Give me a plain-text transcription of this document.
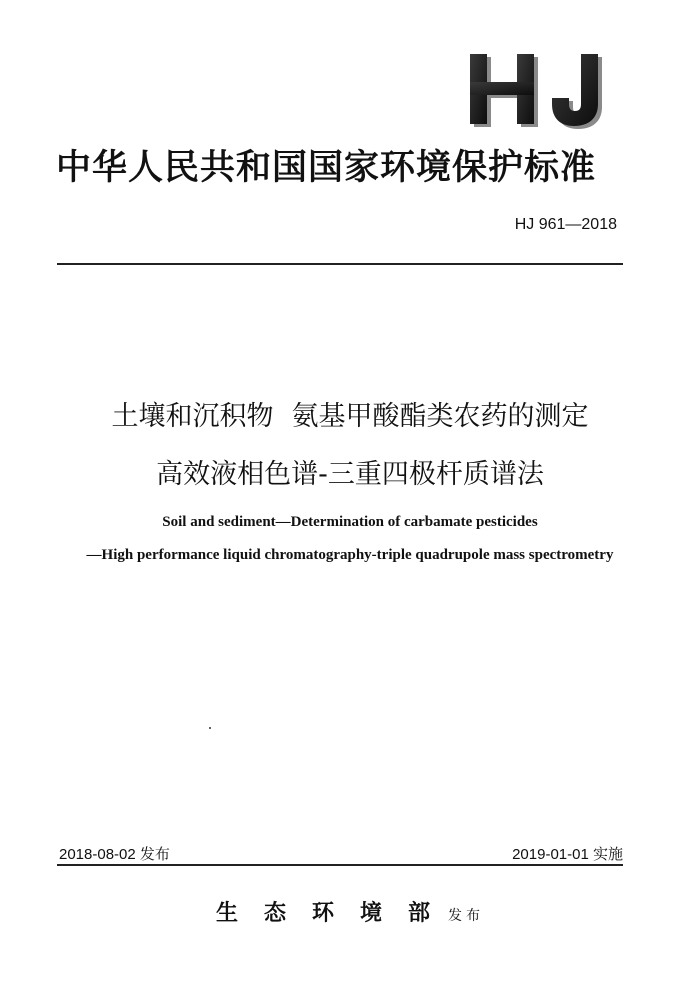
中华人民共和国国家环境保护标准
HJ 961—2018
土壤和沉积物 氨基甲酸酯类农药的测定
高效液相色谱-三重四极杆质谱法
Soil and sediment—Determination of carbamate pesticides
—High performance liquid chromatography-triple quadrupole mass spectrometry
2018-08-02 发布	2019-01-01 实施
生态环境部发布
